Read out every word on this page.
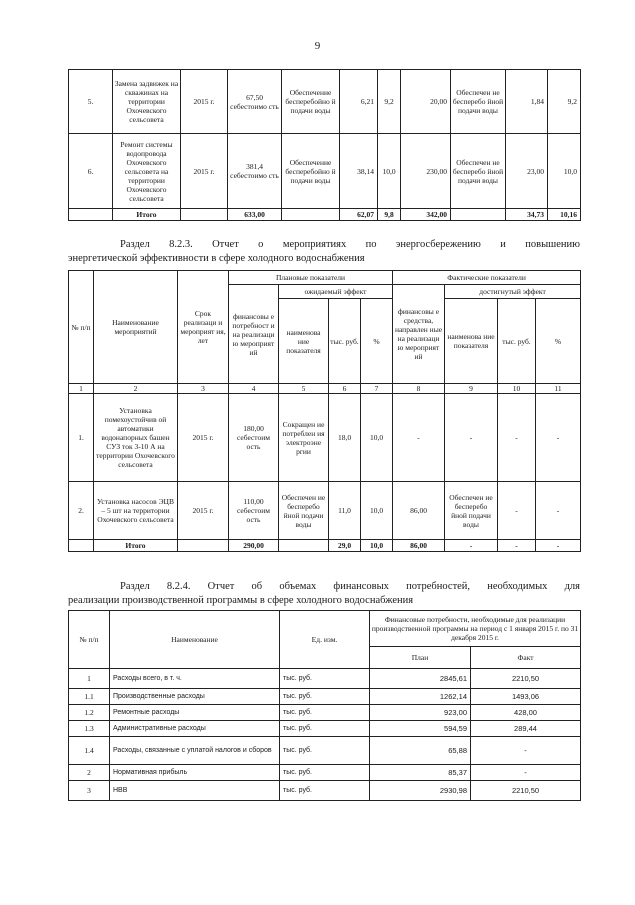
9
5.	Замена задвижек на скважинах на территории Охочевского сельсовета	2015 г.	67,50 себестоимо сть	Обеспечение бесперебойно й подачи воды	6,21	9,2	20,00	Обеспечен не бесперебо йной подачи воды	1,84	9,2
6.	Ремонт системы водопровода Охочевского сельсовета на территории Охочевского сельсовета	2015 г.	381,4 себестоимо сть	Обеспечение бесперебойно й подачи воды	38,14	10,0	230,00	Обеспечен не бесперебо йной подачи воды	23,00	10,0
	Итого		633,00		62,07	9,8	342,00		34,73	10,16
Раздел 8.2.3. Отчет о мероприятиях по энергосбережению и повышению
энергетической эффективности в сфере холодного водоснабжения
№ п/п	Наименование мероприятий	Срок реализаци и мероприят ия, лет	Плановые показатели				Фактические показатели			
			финансовы е потребност и на реализаци ю мероприят ий	ожидаемый эффект			финансовы е средства, направлен ные на реализаци ю мероприят ий	достигнутый эффект		
				наименова ние показателя	тыс. руб.	%		наименова ние показателя	тыс. руб.	%
1	2	3	4	5	6	7	8	9	10	11
1.	Установка помехоустойчив ой автоматики водонапорных башен СУЗ ток 3-10 А на территории Охочевского сельсовета	2015 г.	180,00 себестоим ость	Сокращен ие потреблен ия электроэне ргии	18,0	10,0	-	-	-	-
2.	Установка насосов ЭЦВ – 5 шт на территории Охочевского сельсовета	2015 г.	110,00 себестоим ость	Обеспечен ие бесперебо йной подачи воды	11,0	10,0	86,00	Обеспечен ие бесперебо йной подачи воды	-	-
	Итого		290,00		29,0	10,0	86,00	-	-	-
Раздел 8.2.4. Отчет об объемах финансовых потребностей, необходимых для
реализации производственной программы в сфере холодного водоснабжения
№ п/п	Наименование	Ед. изм.	Финансовые потребности, необходимые для реализации производственной программы на период с 1 января 2015 г. по 31 декабря 2015 г.	
			План	Факт
1	Расходы всего, в т. ч.	тыс. руб.	2845,61	2210,50
1.1	Производственные расходы	тыс. руб.	1262,14	1493,06
1.2	Ремонтные расходы	тыс. руб.	923,00	428,00
1.3	Административные расходы	тыс. руб.	594,59	289,44
1.4	Расходы, связанные с уплатой налогов и сборов	тыс. руб.	65,88	-
2	Нормативная прибыль	тыс. руб.	85,37	-
3	НВВ	тыс. руб.	2930,98	2210,50
